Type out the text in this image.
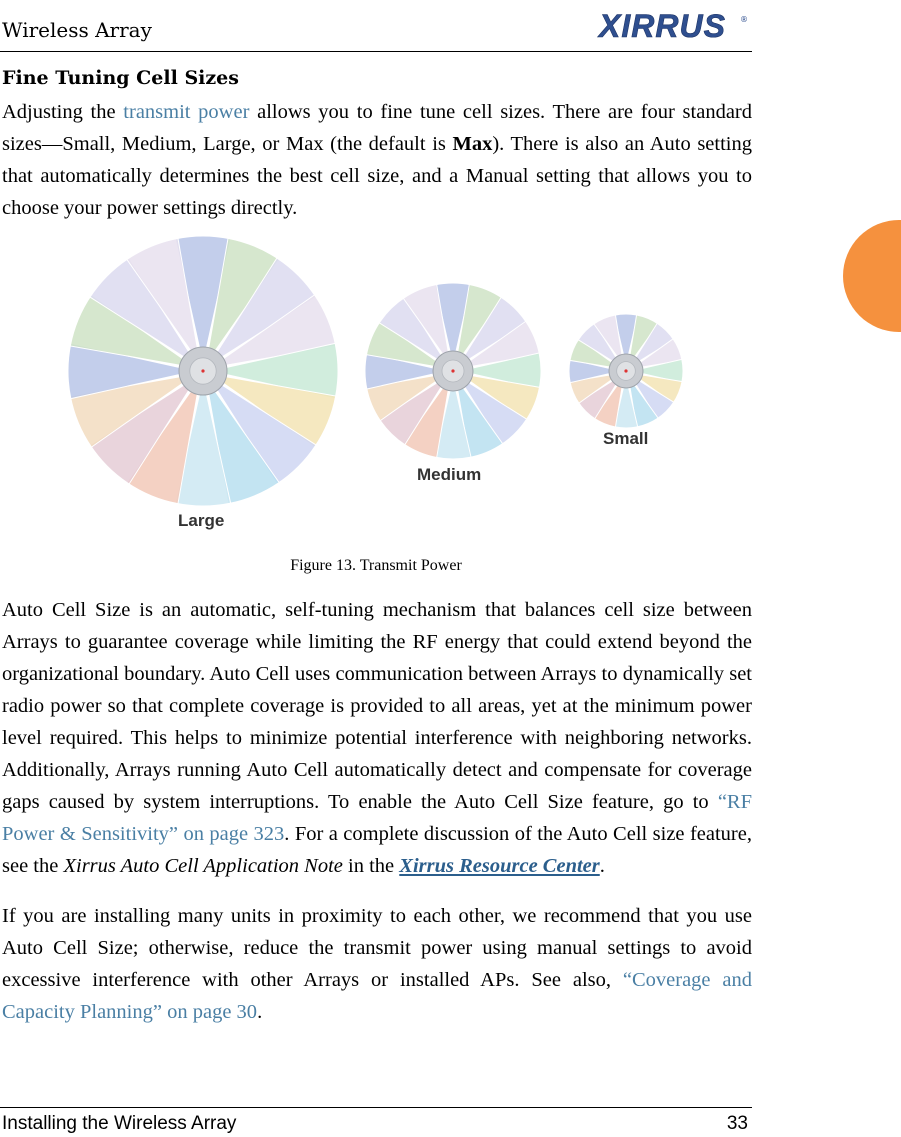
Wireless Array	XIRRUS ®
Fine Tuning Cell Sizes

Adjusting the transmit power allows you to fine tune cell sizes. There are four standard sizes—Small, Medium, Large, or Max (the default is Max). There is also an Auto setting that automatically determines the best cell size, and a Manual setting that allows you to choose your power settings directly.

Large
Medium
Small
Figure 13. Transmit Power

Auto Cell Size is an automatic, self-tuning mechanism that balances cell size between Arrays to guarantee coverage while limiting the RF energy that could extend beyond the organizational boundary. Auto Cell uses communication between Arrays to dynamically set radio power so that complete coverage is provided to all areas, yet at the minimum power level required. This helps to minimize potential interference with neighboring networks. Additionally, Arrays running Auto Cell automatically detect and compensate for coverage gaps caused by system interruptions. To enable the Auto Cell Size feature, go to “RF Power & Sensitivity” on page 323. For a complete discussion of the Auto Cell size feature, see the Xirrus Auto Cell Application Note in the Xirrus Resource Center.

If you are installing many units in proximity to each other, we recommend that you use Auto Cell Size; otherwise, reduce the transmit power using manual settings to avoid excessive interference with other Arrays or installed APs. See also, “Coverage and Capacity Planning” on page 30.

Installing the Wireless Array	33
